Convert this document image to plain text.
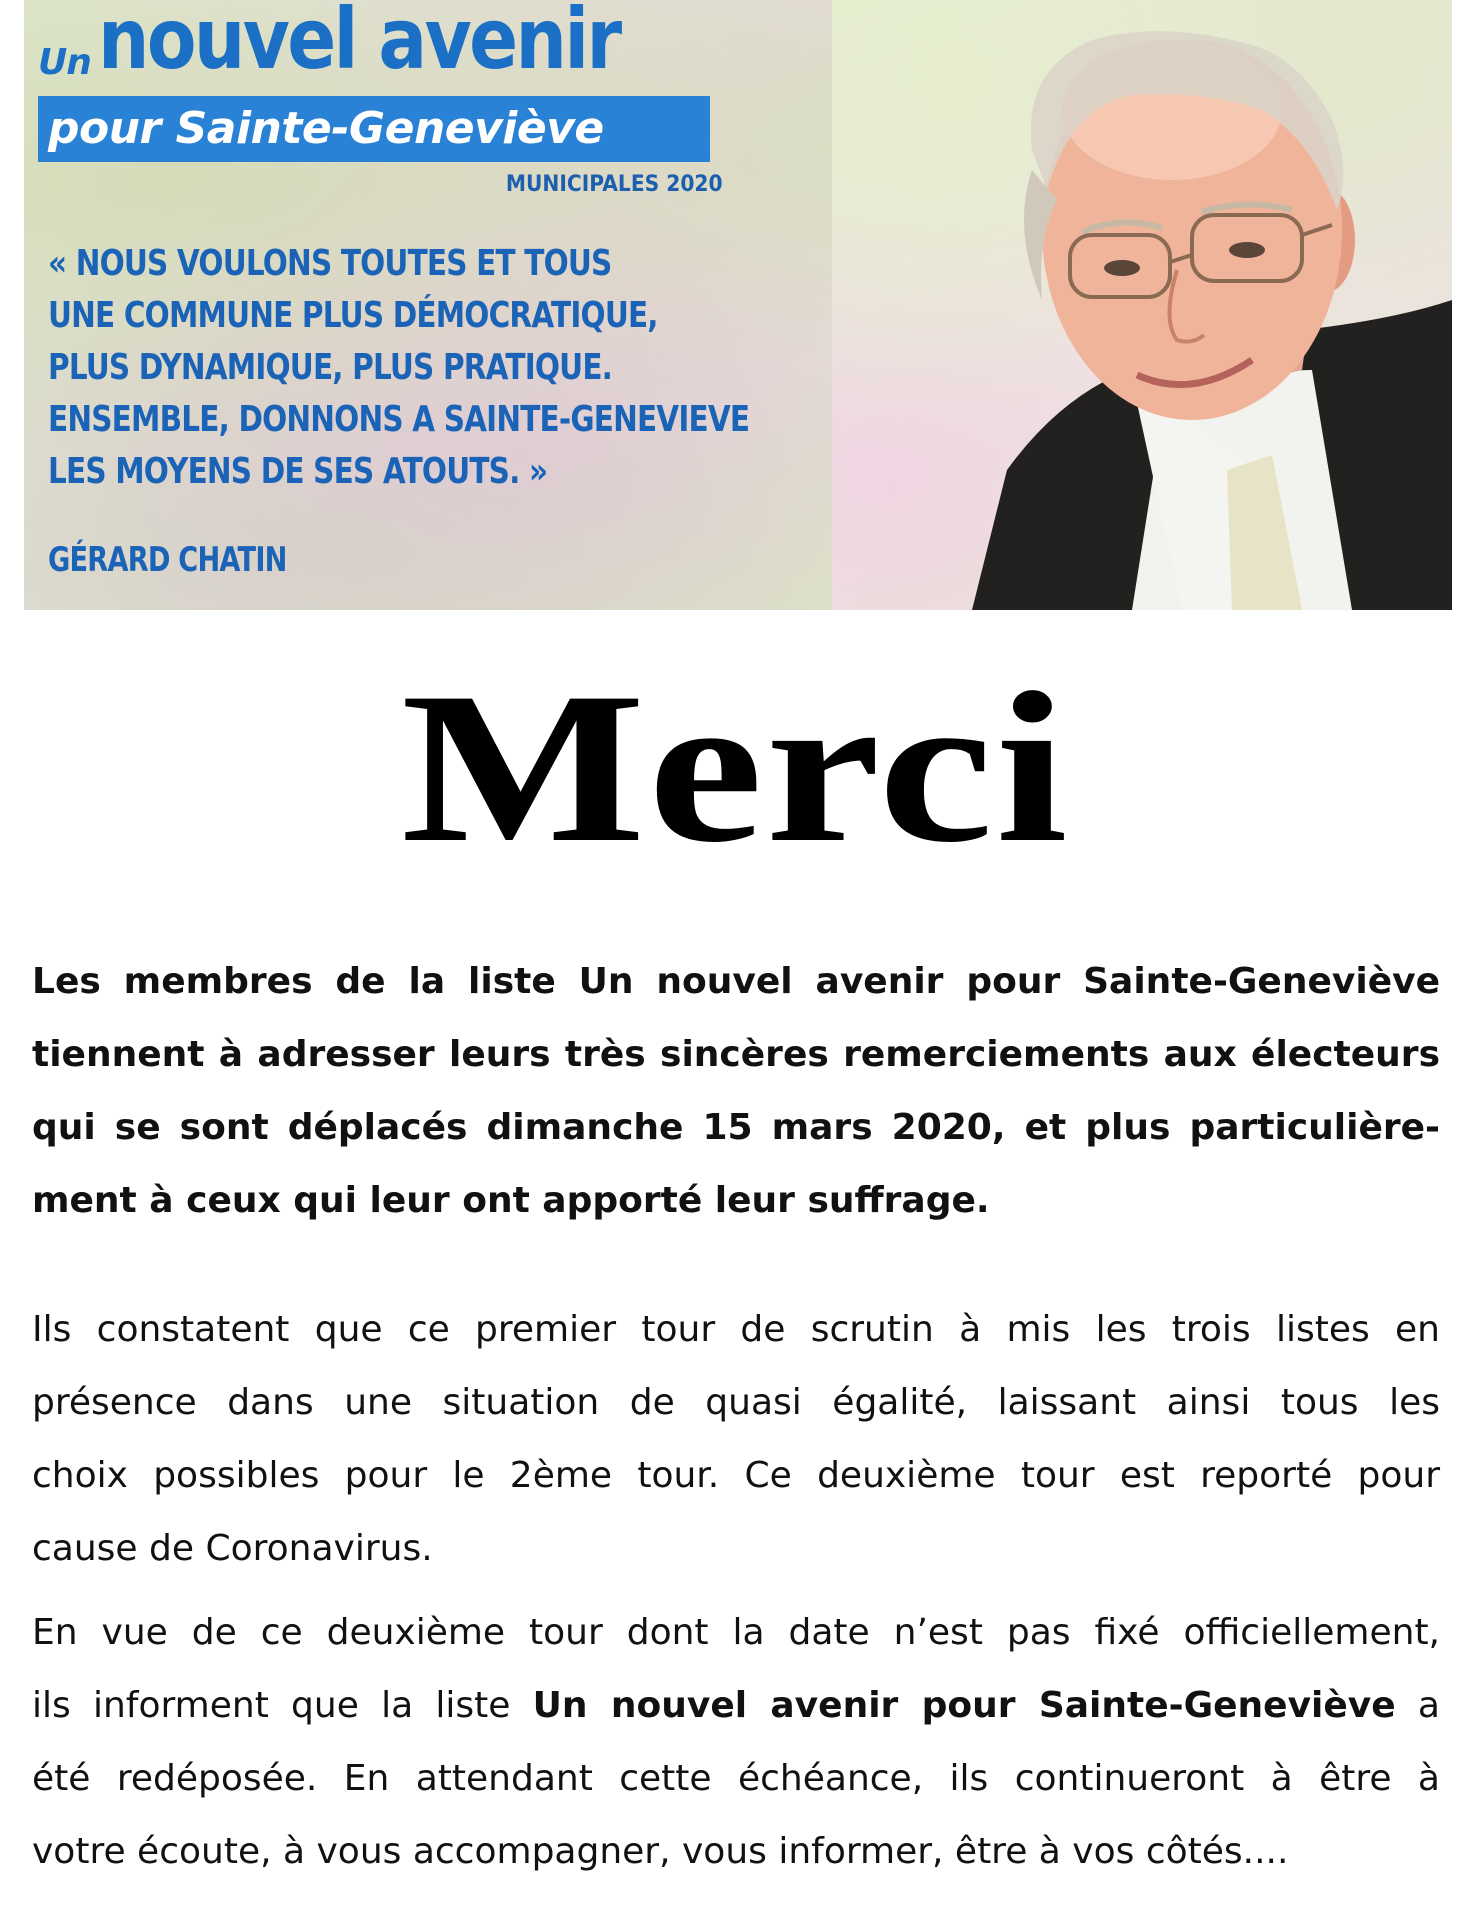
Un nouvel avenir
pour Sainte-Geneviève
MUNICIPALES 2020
« NOUS VOULONS TOUTES ET TOUS
UNE COMMUNE PLUS DÉMOCRATIQUE,
PLUS DYNAMIQUE, PLUS PRATIQUE.
ENSEMBLE, DONNONS A SAINTE-GENEVIEVE
LES MOYENS DE SES ATOUTS. »
GÉRARD CHATIN
Merci
Les membres de la liste Un nouvel avenir pour Sainte-Geneviève
tiennent à adresser leurs très sincères remerciements aux électeurs
qui se sont déplacés dimanche 15 mars 2020, et plus particulière-
ment à ceux qui leur ont apporté leur suffrage.
Ils constatent que ce premier tour de scrutin à mis les trois listes en
présence dans une situation de quasi égalité, laissant ainsi tous les
choix possibles pour le 2ème tour. Ce deuxième tour est reporté pour
cause de Coronavirus.
En vue de ce deuxième tour dont la date n’est pas fixé officiellement,
ils informent que la liste Un nouvel avenir pour Sainte-Geneviève a
été redéposée. En attendant cette échéance, ils continueront à être à
votre écoute, à vous accompagner, vous informer, être à vos côtés....
